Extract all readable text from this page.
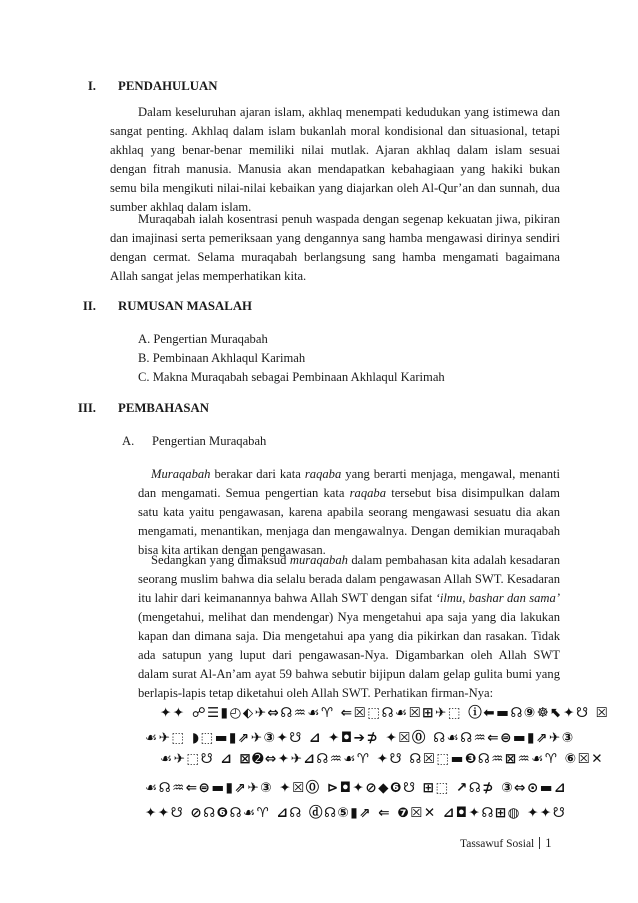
I. PENDAHULUAN

Dalam keseluruhan ajaran islam, akhlaq menempati kedudukan yang istimewa dan sangat penting. Akhlaq dalam islam bukanlah moral kondisional dan situasional, tetapi akhlaq yang benar-benar memiliki nilai mutlak. Ajaran akhlaq dalam islam sesuai dengan fitrah manusia. Manusia akan mendapatkan kebahagiaan yang hakiki bukan semu bila mengikuti nilai-nilai kebaikan yang diajarkan oleh Al-Qur’an dan sunnah, dua sumber akhlaq dalam islam.

Muraqabah ialah kosentrasi penuh waspada dengan segenap kekuatan jiwa, pikiran dan imajinasi serta pemeriksaan yang dengannya sang hamba mengawasi dirinya sendiri dengan cermat. Selama muraqabah berlangsung sang hamba mengamati bagaimana Allah sangat jelas memperhatikan kita.

II. RUMUSAN MASALAH
A. Pengertian Muraqabah
B. Pembinaan Akhlaqul Karimah
C. Makna Muraqabah sebagai Pembinaan Akhlaqul Karimah
III. PEMBAHASAN
A. Pengertian Muraqabah

Muraqabah berakar dari kata raqaba yang berarti menjaga, mengawal, menanti dan mengamati. Semua pengertian kata raqaba tersebut bisa disimpulkan dalam satu kata yaitu pengawasan, karena apabila seorang mengawasi sesuatu dia akan mengamati, menantikan, menjaga dan mengawalnya. Dengan demikian muraqabah bisa kita artikan dengan pengawasan.

Sedangkan yang dimaksud muraqabah dalam pembahasan kita adalah kesadaran seorang muslim bahwa dia selalu berada dalam pengawasan Allah SWT. Kesadaran itu lahir dari keimanannya bahwa Allah SWT dengan sifat ‘ilmu, bashar dan sama’ (mengetahui, melihat dan mendengar) Nya mengetahui apa saja yang dia lakukan kapan dan dimana saja. Dia mengetahui apa yang dia pikirkan dan rasakan. Tidak ada satupun yang luput dari pengawasan-Nya. Digambarkan oleh Allah SWT dalam surat Al-An’am ayat 59 bahwa sebutir bijipun dalam gelap gulita bumi yang berlapis-lapis tetap diketahui oleh Allah SWT. Perhatikan firman-Nya:

✦✦ ☍☰▮◴⬖✈⇔☊♒☙♈ ⇐☒⬚☊☙☒⊞✈⬚ ⓘ⬅▬☊⑨☸⬉✦☋ ☒
☙✈⬚ ◗⬚▬▮⇗✈③✦☋ ⊿ ✦◘➔⊅ ✦☒⓪ ☊☙☊♒⇐⊜▬▮⇗✈③
☙✈⬚☋ ⊿ ⊠➋⇔✦✈⊿☊♒☙♈ ✦☋ ☊☒⬚▬❸☊♒⊠♒☙♈ ⑥☒✕
☙☊♒⇐⊜▬▮⇗✈③ ✦☒⓪ ⊳◘✦⊘◆❻☋ ⊞⬚ ↗☊⊅ ③⇔⊙▬⊿
✦✦☋ ⊘☊❻☊☙♈ ⊿☊ ⓓ☊⑤▮⇗ ⇐ ❼☒✕ ⊿◘✦☊⊞◍ ✦✦☋
Tassawuf Sosial 1
